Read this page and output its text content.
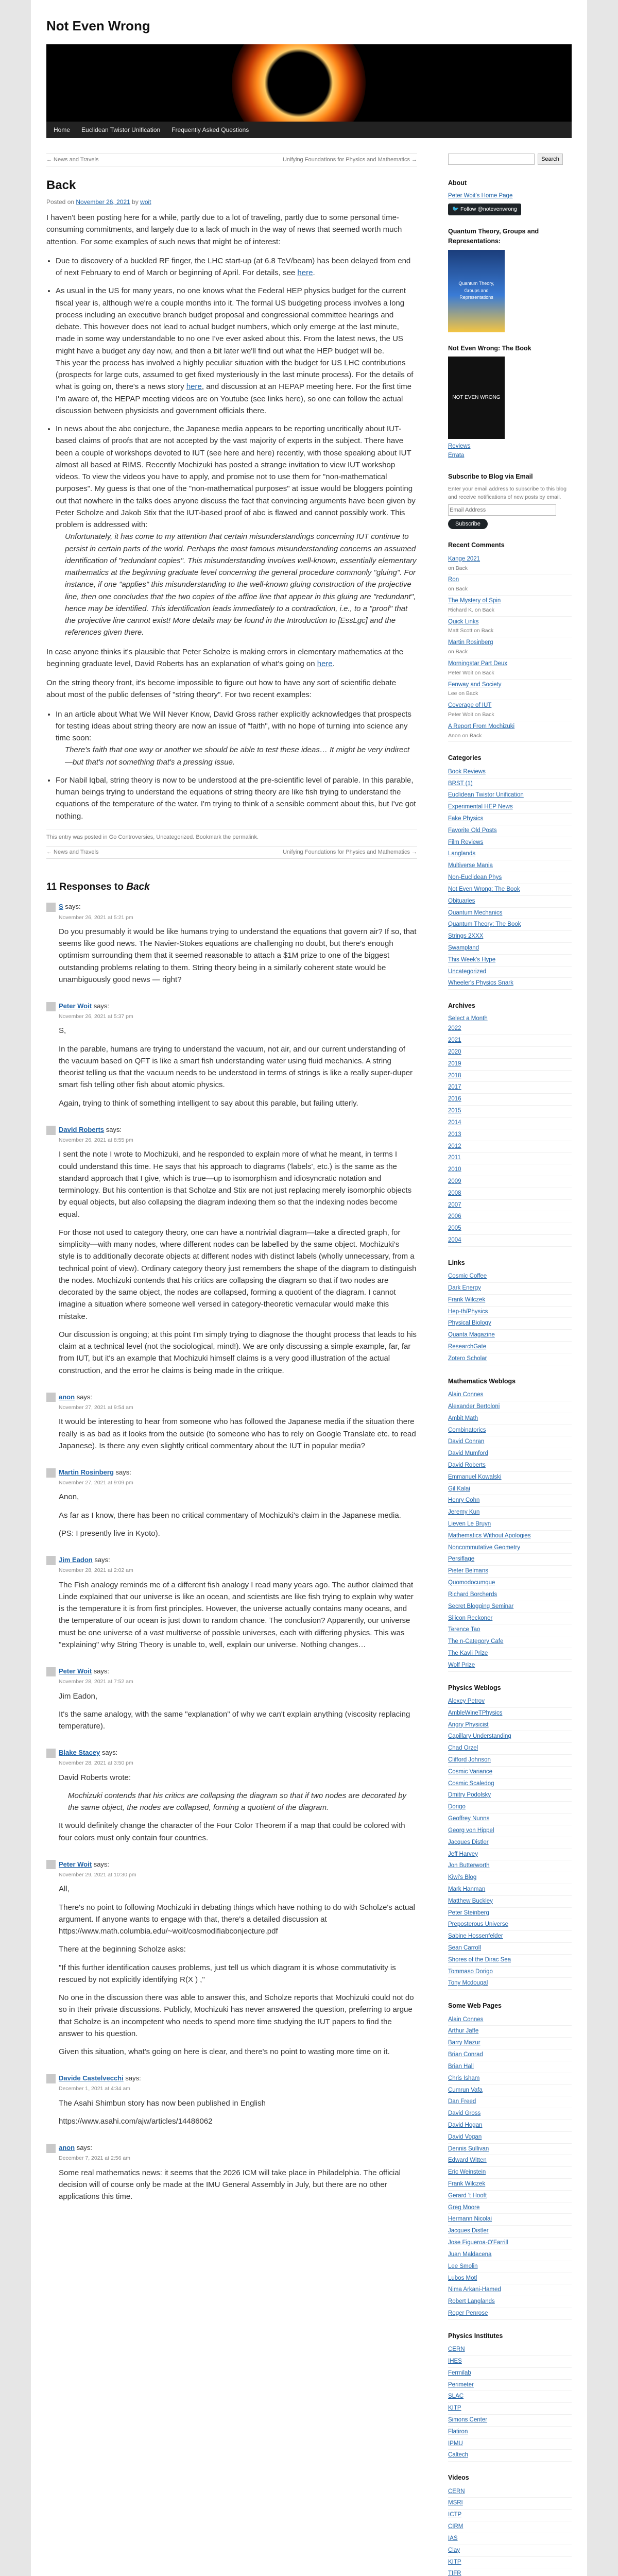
Not Even Wrong
Home Euclidean Twistor Unification Frequently Asked Questions
← News and Travels	Unifying Foundations for Physics and Mathematics →
Back
Posted on November 26, 2021 by woit

I haven't been posting here for a while, partly due to a lot of traveling, partly due to some personal time-consuming commitments, and largely due to a lack of much in the way of news that seemed worth much attention. For some examples of such news that might be of interest:

• Due to discovery of a buckled RF finger, the LHC start-up (at 6.8 TeV/beam) has been delayed from end of next February to end of March or beginning of April. For details, see here.
• As usual in the US for many years, no one knows what the Federal HEP physics budget for the current fiscal year is, although we're a couple months into it. The formal US budgeting process involves a long process including an executive branch budget proposal and congressional committee hearings and debate. This however does not lead to actual budget numbers, which only emerge at the last minute, made in some way understandable to no one I've ever asked about this. From the latest news, the US might have a budget any day now, and then a bit later we'll find out what the HEP budget will be.
This year the process has involved a highly peculiar situation with the budget for US LHC contributions (prospects for large cuts, assumed to get fixed mysteriously in the last minute process). For the details of what is going on, there's a news story here, and discussion at an HEPAP meeting here. For the first time I'm aware of, the HEPAP meeting videos are on Youtube (see links here), so one can follow the actual discussion between physicists and government officials there.
• In news about the abc conjecture, the Japanese media appears to be reporting uncritically about IUT-based claims of proofs that are not accepted by the vast majority of experts in the subject. There have been a couple of workshops devoted to IUT (see here and here) recently, with those speaking about IUT almost all based at RIMS. Recently Mochizuki has posted a strange invitation to view IUT workshop videos. To view the videos you have to apply, and promise not to use them for "non-mathematical purposes". My guess is that one of the "non-mathematical purposes" at issue would be bloggers pointing out that nowhere in the talks does anyone discuss the fact that convincing arguments have been given by Peter Scholze and Jakob Stix that the IUT-based proof of abc is flawed and cannot possibly work. This problem is addressed with:
Unfortunately, it has come to my attention that certain misunderstandings concerning IUT continue to persist in certain parts of the world. Perhaps the most famous misunderstanding concerns an assumed identification of "redundant copies". This misunderstanding involves well-known, essentially elementary mathematics at the beginning graduate level concerning the general procedure commonly "gluing". For instance, if one "applies" this misunderstanding to the well-known gluing construction of the projective line, then one concludes that the two copies of the affine line that appear in this gluing are "redundant", hence may be identified. This identification leads immediately to a contradiction, i.e., to a "proof" that the projective line cannot exist! More details may be found in the Introduction to [EssLgc] and the references given there.

In case anyone thinks it's plausible that Peter Scholze is making errors in elementary mathematics at the beginning graduate level, David Roberts has an explanation of what's going on here.

On the string theory front, it's become impossible to figure out how to have any sort of scientific debate about most of the public defenses of "string theory". For two recent examples:

• In an article about What We Will Never Know, David Gross rather explicitly acknowledges that prospects for testing ideas about string theory are now an issue of "faith", with no hope of turning into science any time soon:
There's faith that one way or another we should be able to test these ideas… It might be very indirect—but that's not something that's a pressing issue.
• For Nabil Iqbal, string theory is now to be understood at the pre-scientific level of parable. In this parable, human beings trying to understand the equations of string theory are like fish trying to understand the equations of the temperature of the water. I'm trying to think of a sensible comment about this, but I've got nothing.
This entry was posted in Go Controversies, Uncategorized. Bookmark the permalink.
← News and Travels	Unifying Foundations for Physics and Mathematics →
11 Responses to Back
S says:
November 26, 2021 at 5:21 pm

Do you presumably it would be like humans trying to understand the equations that govern air? If so, that seems like good news. The Navier-Stokes equations are challenging no doubt, but there's enough optimism surrounding them that it seemed reasonable to attach a $1M prize to one of the biggest outstanding problems relating to them. String theory being in a similarly coherent state would be unambiguously good news — right?

Peter Woit says:
November 26, 2021 at 5:37 pm

S,

In the parable, humans are trying to understand the vacuum, not air, and our current understanding of the vacuum based on QFT is like a smart fish understanding water using fluid mechanics. A string theorist telling us that the vacuum needs to be understood in terms of strings is like a really super-duper smart fish telling other fish about atomic physics.

Again, trying to think of something intelligent to say about this parable, but failing utterly.

David Roberts says:
November 26, 2021 at 8:55 pm

I sent the note I wrote to Mochizuki, and he responded to explain more of what he meant, in terms I could understand this time. He says that his approach to diagrams ('labels', etc.) is the same as the standard approach that I give, which is true—up to isomorphism and idiosyncratic notation and terminology. But his contention is that Scholze and Stix are not just replacing merely isomorphic objects by equal objects, but also collapsing the diagram indexing them so that the indexing nodes become equal.

For those not used to category theory, one can have a nontrivial diagram—take a directed graph, for simplicity—with many nodes, where different nodes can be labelled by the same object. Mochizuki's style is to additionally decorate objects at different nodes with distinct labels (wholly unnecessary, from a technical point of view). Ordinary category theory just remembers the shape of the diagram to distinguish the nodes. Mochizuki contends that his critics are collapsing the diagram so that if two nodes are decorated by the same object, the nodes are collapsed, forming a quotient of the diagram. I cannot imagine a situation where someone well versed in category-theoretic vernacular would make this mistake.

Our discussion is ongoing; at this point I'm simply trying to diagnose the thought process that leads to his claim at a technical level (not the sociological, mind!). We are only discussing a simple example, far, far from IUT, but it's an example that Mochizuki himself claims is a very good illustration of the actual construction, and the error he claims is being made in the critique.

anon says:
November 27, 2021 at 9:54 am

It would be interesting to hear from someone who has followed the Japanese media if the situation there really is as bad as it looks from the outside (to someone who has to rely on Google Translate etc. to read Japanese). Is there any even slightly critical commentary about the IUT in popular media?

Martin Rosinberg says:
November 27, 2021 at 9:09 pm

Anon,

As far as I know, there has been no critical commentary of Mochizuki's claim in the Japanese media.

(PS: I presently live in Kyoto).

Jim Eadon says:
November 28, 2021 at 2:02 am

The Fish analogy reminds me of a different fish analogy I read many years ago. The author claimed that Linde explained that our universe is like an ocean, and scientists are like fish trying to explain why water is the temperature it is from first principles. However, the universe actually contains many oceans, and the temperature of our ocean is just down to random chance. The conclusion? Apparently, our universe must be one universe of a vast multiverse of possible universes, each with differing physics. This was "explaining" why String Theory is unable to, well, explain our universe. Nothing changes…

Peter Woit says:
November 28, 2021 at 7:52 am

Jim Eadon,

It's the same analogy, with the same "explanation" of why we can't explain anything (viscosity replacing temperature).

Blake Stacey says:
November 28, 2021 at 3:50 pm

David Roberts wrote:

Mochizuki contends that his critics are collapsing the diagram so that if two nodes are decorated by the same object, the nodes are collapsed, forming a quotient of the diagram.

It would definitely change the character of the Four Color Theorem if a map that could be colored with four colors must only contain four countries.

Peter Woit says:
November 29, 2021 at 10:30 pm

All,

There's no point to following Mochizuki in debating things which have nothing to do with Scholze's actual argument. If anyone wants to engage with that, there's a detailed discussion at https://www.math.columbia.edu/~woit/cosmodifiabconjecture.pdf

There at the beginning Scholze asks:

"If this further identification causes problems, just tell us which diagram it is whose commutativity is rescued by not explicitly identifying R(X ) ,"

No one in the discussion there was able to answer this, and Scholze reports that Mochizuki could not do so in their private discussions. Publicly, Mochizuki has never answered the question, preferring to argue that Scholze is an incompetent who needs to spend more time studying the IUT papers to find the answer to his question.

Given this situation, what's going on here is clear, and there's no point to wasting more time on it.

Davide Castelvecchi says:
December 1, 2021 at 4:34 am

The Asahi Shimbun story has now been published in English

https://www.asahi.com/ajw/articles/14486062

anon says:
December 7, 2021 at 2:56 am

Some real mathematics news: it seems that the 2026 ICM will take place in Philadelphia. The official decision will of course only be made at the IMU General Assembly in July, but there are no other applications this time.

Search
About
Peter Woit's Home Page
🐦 Follow @notevenwrong
Quantum Theory, Groups and Representations:
Quantum Theory, Groups and Representations
Not Even Wrong: The Book
NOT EVEN WRONG
Reviews
Errata
Subscribe to Blog via Email
Enter your email address to subscribe to this blog and receive notifications of new posts by email.
Email Address Subscribe
Recent Comments
Kange 2021
on Back
Ron
on Back
The Mystery of Spin
Richard K. on Back
Quick Links
Matt Scott on Back
Martin Rosinberg
on Back
Morningstar Part Deux
Peter Woit on Back
Fenway and Society
Lee on Back
Coverage of IUT
Peter Woit on Back
A Report From Mochizuki
Anon on Back
Categories
Book Reviews
BRST (1)
Euclidean Twistor Unification
Experimental HEP News
Fake Physics
Favorite Old Posts
Film Reviews
Langlands
Multiverse Mania
Non-Euclidean Phys
Not Even Wrong: The Book
Obituaries
Quantum Mechanics
Quantum Theory: The Book
Strings 2XXX
Swampland
This Week's Hype
Uncategorized
Wheeler's Physics Snark
Archives
Select a Month
2022
2021
2020
2019
2018
2017
2016
2015
2014
2013
2012
2011
2010
2009
2008
2007
2006
2005
2004
Links
Cosmic Coffee
Dark Energy
Frank Wilczek
Hep-th/Physics
Physical Biology
Quanta Magazine
ResearchGate
Zotero Scholar
Mathematics Weblogs
Alain Connes
Alexander Bertoloni
Ambit Math
Combinatorics
David Conran
David Mumford
David Roberts
Emmanuel Kowalski
Gil Kalai
Henry Cohn
Jeremy Kun
Lieven Le Bruyn
Mathematics Without Apologies
Noncommutative Geometry
Persiflage
Pieter Belmans
Quomodocumque
Richard Borcherds
Secret Blogging Seminar
Silicon Reckoner
Terence Tao
The n-Category Cafe
The Kavli Prize
Wolf Prize
Physics Weblogs
Alexey Petrov
AmbleWineTPhysics
Angry Physicist
Capillary Understanding
Chad Orzel
Clifford Johnson
Cosmic Variance
Cosmic Scaledog
Dmitry Podolsky
Dorigo
Geoffrey Nunns
Georg von Hippel
Jacques Distler
Jeff Harvey
Jon Butterworth
Kiwi's Blog
Mark Hanman
Matthew Buckley
Peter Steinberg
Preposterous Universe
Sabine Hossenfelder
Sean Carroll
Shores of the Dirac Sea
Tommaso Dorigo
Tony Mcdougal
Some Web Pages
Alain Connes
Arthur Jaffe
Barry Mazur
Brian Conrad
Brian Hall
Chris Isham
Cumrun Vafa
Dan Freed
David Gross
David Hogan
David Vogan
Dennis Sullivan
Edward Witten
Eric Weinstein
Frank Wilczek
Gerard 't Hooft
Greg Moore
Hermann Nicolai
Jacques Distler
Jose Figueroa-O'Farrill
Juan Maldacena
Lee Smolin
Lubos Motl
Nima Arkani-Hamed
Robert Langlands
Roger Penrose
Physics Institutes
CERN
IHES
Fermilab
Perimeter
SLAC
KITP
Simons Center
Flatiron
IPMU
Caltech
Videos
CERN
MSRI
ICTP
CIRM
IAS
Clay
KITP
TIFR
